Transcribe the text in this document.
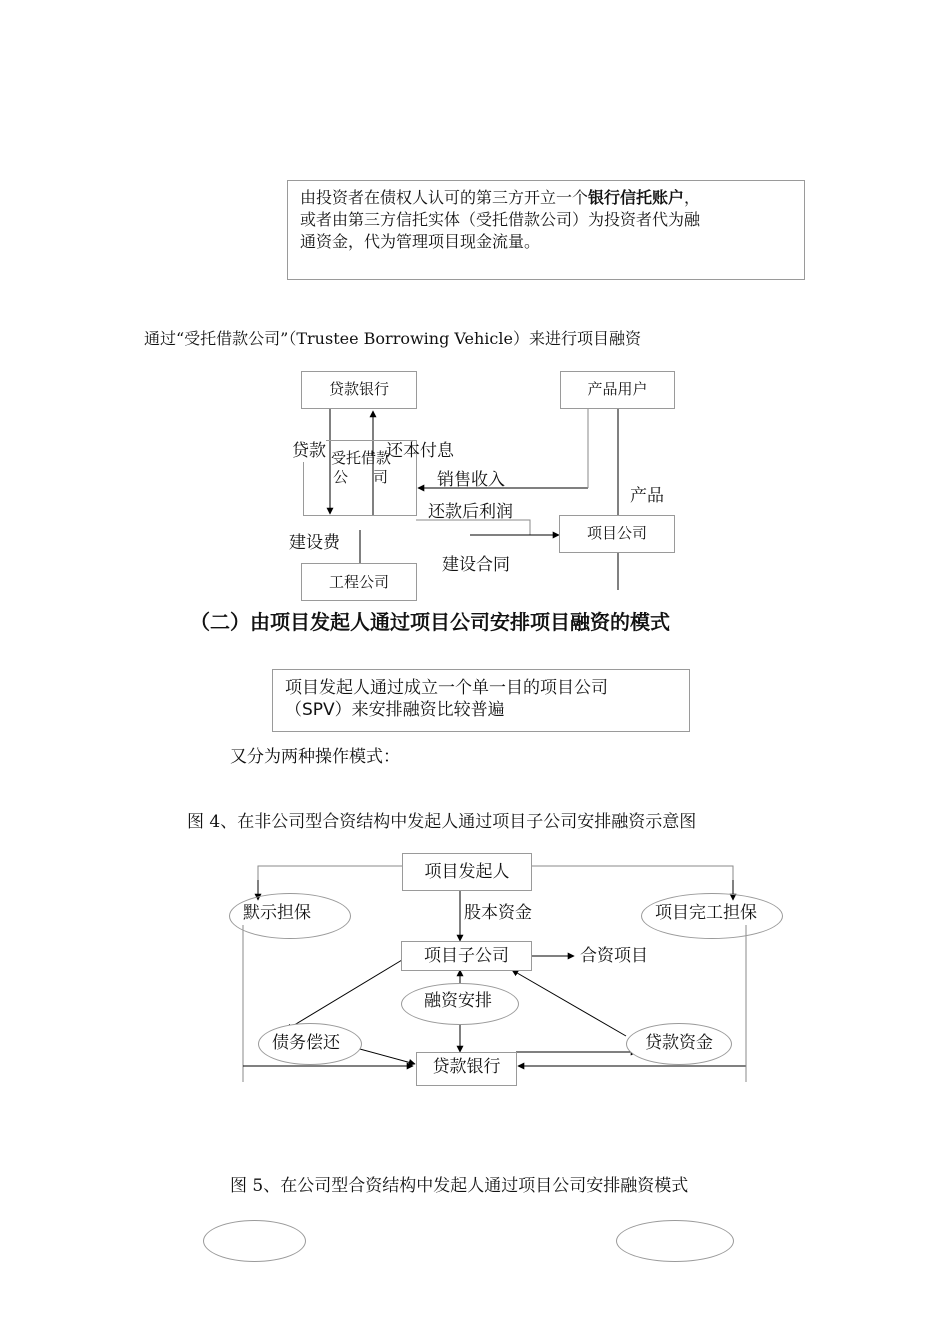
由投资者在债权人认可的第三方开立一个银行信托账户，
或者由第三方信托实体（受托借款公司）为投资者代为融
通资金，代为管理项目现金流量。
通过“受托借款公司”（Trustee Borrowing Vehicle）来进行项目融资
贷款银行	产品用户
受托借款
公 司
项目公司
工程公司
贷款	还本付息
销售收入
产品
还款后利润
建设费
建设合同
（二）由项目发起人通过项目公司安排项目融资的模式
项目发起人通过成立一个单一目的项目公司
（SPV）来安排融资比较普遍
又分为两种操作模式：
图 4、在非公司型合资结构中发起人通过项目子公司安排融资示意图
项目发起人
默示担保	项目完工担保
股本资金
项目子公司	合资项目
融资安排
债务偿还	贷款资金
贷款银行
图 5、在公司型合资结构中发起人通过项目公司安排融资模式
